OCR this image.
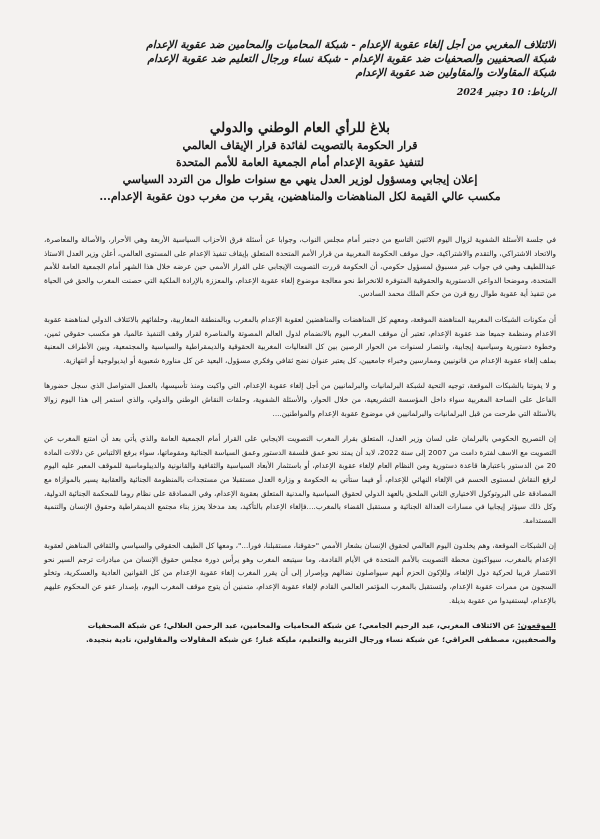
الائتلاف المغربي من أجل إلغاء عقوبة الإعدام - شبكة المحاميات والمحامين ضد عقوبة الإعدام
شبكة الصحفيين والصحفيات ضد عقوبة الإعدام - شبكة نساء ورجال التعليم ضد عقوبة الإعدام
شبكة المقاولات والمقاولين ضد عقوبة الإعدام
الرباط: 10 دجنبر 2024
بلاغ للرأي العام الوطني والدولي
قرار الحكومة بالتصويت لفائدة قرار الإيقاف العالمي
لتنفيذ عقوبة الإعدام أمام الجمعية العامة للأمم المتحدة
إعلان إيجابي ومسؤول لوزير العدل ينهي مع سنوات طوال من التردد السياسي
مكسب عالي القيمة لكل المناهضات والمناهضين، يقرب من مغرب دون عقوبة الإعدام...

في جلسة الأسئلة الشفوية لزوال اليوم الاثنين التاسع من دجنبر أمام مجلس النواب، وجوابا عن أسئلة فرق الأحزاب السياسية الأربعة وهي الأحرار، والأصالة والمعاصرة، والاتحاد الاشتراكي، والتقدم والاشتراكية، حول موقف الحكومة المغربية من قرار الأمم المتحدة المتعلق بإيقاف تنفيذ الإعدام على المستوى العالمي، أعلن وزير العدل الاستاذ عبداللطيف وهبي في جواب غير مسبوق لمسؤول حكومي، أن الحكومة قررت التصويت الإيجابي على القرار الأممي حين عرضه خلال هذا الشهر أمام الجمعية العامة للأمم المتحدة، وموضحا الدواعي الدستورية والحقوقية المتوفرة للانخراط نحو معالجة موضوع إلغاء عقوبة الإعدام، والمعززة بالإرادة الملكية التي حصنت المغرب والحق في الحياة من تنفيذ أية عقوبة طوال ربع قرن من حكم الملك محمد السادس.

أن مكونات الشبكات المغربية المناهضة الموقعة، ومعهم كل المناهضات والمناهضين لعقوبة الإعدام بالمغرب وبالمنطقة المغاربية، وحلفائهم بالائتلاف الدولي لمناهضة عقوبة الاعدام ومنظمة جميعا ضد عقوبة الإعدام، تعتبر أن موقف المغرب اليوم بالانضمام لدول العالم المصوتة والمناصرة لقرار وقف التنفيذ عالميا، هو مكسب حقوقي ثمين، وخطوة دستورية وسياسية إيجابية، وانتصار لسنوات من الحوار الرصين بين كل الفعاليات المغربية الحقوقية والديمقراطية والسياسية والمجتمعية، وبين الأطراف المعنية بملف إلغاء عقوبة الإعدام من قانونيين وممارسين وخبراء جامعيين، كل يعتبر عنوان نضج ثقافي وفكري مسؤول، البعيد عن كل مناورة شعبوية أو ايديولوجية أو انتهازية.

و لا يفوتنا بالشبكات الموقعة، توجيه التحية لشبكة البرلمانيات والبرلمانيين من أجل إلغاء عقوبة الإعدام، التي واكبت ومنذ تأسيسها، بالعمل المتواصل الذي سجل حضورها الفاعل على الساحة المغربية سواء داخل المؤسسة التشريعية، من خلال الحوار، والأسئلة الشفوية، وحلقات النقاش الوطني والدولي، والذي استمر إلى هذا اليوم زوالا بالأسئلة التي طرحت من قبل البرلمانيات والبرلمانيين في موضوع عقوبة الإعدام والمواطنين....

إن التصريح الحكومي بالبرلمان على لسان وزير العدل، المتعلق بقرار المغرب التصويت الايجابي على القرار أمام الجمعية العامة والذي يأتي بعد أن امتنع المغرب عن التصويت مع الاسف لفترة دامت من 2007 إلى سنة 2022، لابد أن يمتد نحو عمق فلسفة الدستور وعمق السياسة الجنائية ومقوماتها، سواء برفع الالتباس عن دلالات المادة 20 من الدستور باعتبارها قاعدة دستورية ومن النظام العام لإلغاء عقوبة الإعدام، أو باستثمار الأبعاد السياسية والثقافية والقانونية والديبلوماسية للموقف المعبر عليه اليوم لرفع النقاش لمستوى الحسم في الإلغاء النهائي للإعدام، أو فيما ستأتي به الحكومة و وزارة العدل مستقبلا من مستجدات بالمنظومة الجنائية والعقابية يسير بالموازاة مع المصادقة على البروتوكول الاختياري الثاني الملحق بالعهد الدولي لحقوق السياسية والمدنية المتعلق بعقوبة الإعدام، وفي المصادقة على نظام روما للمحكمة الجنائية الدولية، وكل ذلك سيؤثر إيجابيا في مسارات العدالة الجنائية و مستقبل القضاء بالمغرب....فإلغاء الإعدام بالتأكيد، بعد مدخلا يعزز بناء مجتمع الديمقراطية وحقوق الإنسان والتنمية المستدامة.

إن الشبكات الموقعة، وهم يخلدون اليوم العالمي لحقوق الإنسان بشعار الأممي "حقوقنا، مستقبلنا، فورا..."، ومعها كل الطيف الحقوقي والسياسي والثقافي المناهض لعقوبة الإعدام بالمغرب، سيواكبون محطة التصويت بالأمم المتحدة في الأيام القادمة، وما سيتبعه المغرب وهو يرأس دورة مجلس حقوق الإنسان من مبادرات ترجم السير نحو الانتصار قريبا لحركية دول الإلغاء، وللإكون الحزم أنهم سيواصلون نضالهم وبإصرار إلى أن يقرر المغرب إلغاء عقوبة الإعدام من كل القوانين العادية والعسكرية، وتخلو السجون من ممرات عقوبة الإعدام، ولتستقبل بالمغرب المؤتمر العالمي القادم لإلغاء عقوبة الإعدام، متمنين أن يتوج موقف المغرب اليوم، بإصدار عفو عن المحكوم عليهم بالإعدام، ليستفيدوا من عقوبة بديلة.

الموقعون: عن الائتلاف المغربي، عبد الرحيم الجامعي؛ عن شبكة المحاميات والمحامين، عبد الرحمن العلالي؛ عن شبكة الصحفيات
والصحفيين، مصطفى العراقي؛ عن شبكة نساء ورجال التربية والتعليم، مليكة غبار؛ عن شبكة المقاولات والمقاولين، نادية بنجيدة.
